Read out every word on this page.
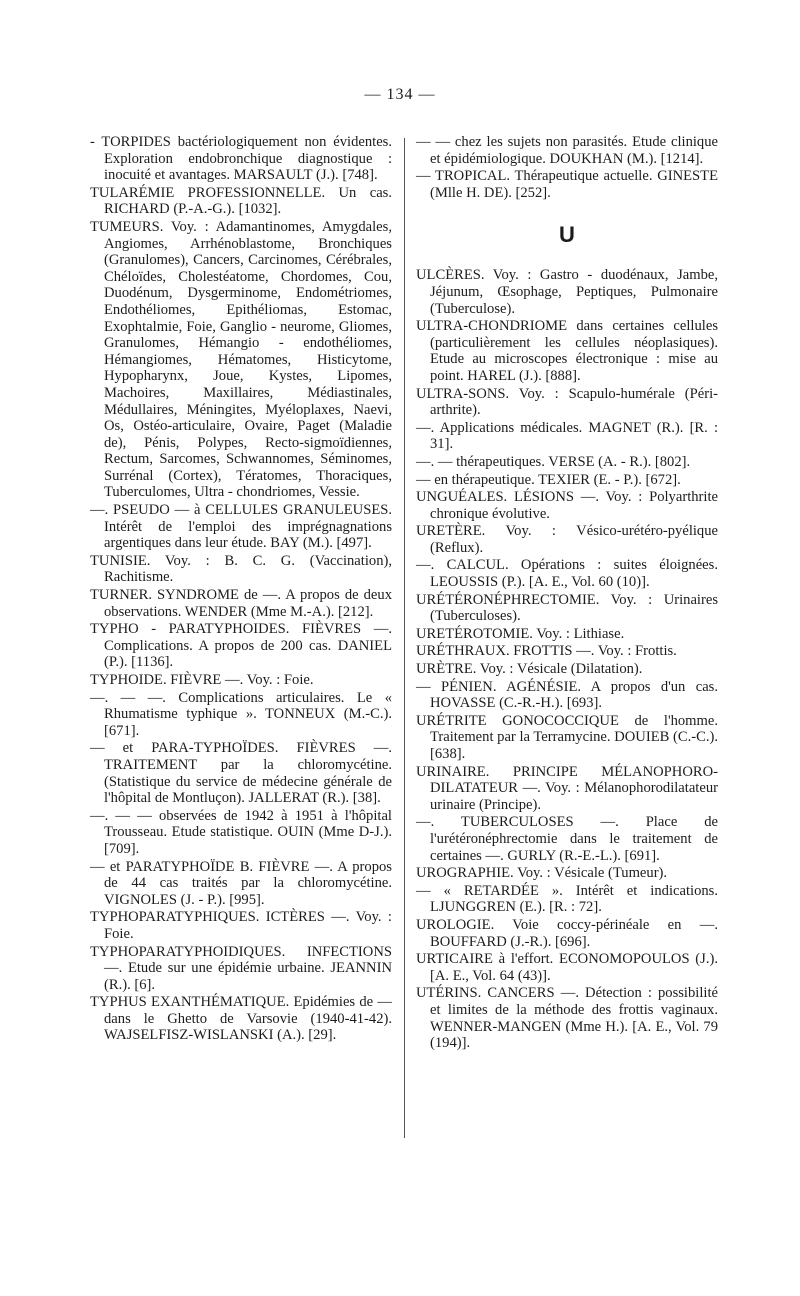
— 134 —

- TORPIDES bactériologiquement non évidentes. Exploration endobronchique diagnostique : inocuité et avantages. MARSAULT (J.). [748].

TULARÉMIE PROFESSIONNELLE. Un cas. RICHARD (P.-A.-G.). [1032].

TUMEURS. Voy. : Adamantinomes, Amygdales, Angiomes, Arrhénoblastome, Bronchiques (Granulomes), Cancers, Carcinomes, Cérébrales, Chéloïdes, Cholestéatome, Chordomes, Cou, Duodénum, Dysgerminome, Endométriomes, Endothéliomes, Epithéliomas, Estomac, Exophtalmie, Foie, Ganglio - neurome, Gliomes, Granulomes, Hémangio - endothéliomes, Hémangiomes, Hématomes, Histicytome, Hypopharynx, Joue, Kystes, Lipomes, Machoires, Maxillaires, Médiastinales, Médullaires, Méningites, Myéloplaxes, Naevi, Os, Ostéo-articulaire, Ovaire, Paget (Maladie de), Pénis, Polypes, Recto-sigmoïdiennes, Rectum, Sarcomes, Schwannomes, Séminomes, Surrénal (Cortex), Tératomes, Thoraciques, Tuberculomes, Ultra - chondriomes, Vessie.

—. PSEUDO — à CELLULES GRANULEUSES. Intérêt de l'emploi des imprégnagnations argentiques dans leur étude. BAY (M.). [497].

TUNISIE. Voy. : B. C. G. (Vaccination), Rachitisme.

TURNER. SYNDROME de —. A propos de deux observations. WENDER (Mme M.-A.). [212].

TYPHO - PARATYPHOIDES. FIÈVRES —. Complications. A propos de 200 cas. DANIEL (P.). [1136].

TYPHOIDE. FIÈVRE —. Voy. : Foie.

—. — —. Complications articulaires. Le « Rhumatisme typhique ». TONNEUX (M.-C.). [671].

— et PARA-TYPHOÏDES. FIÈVRES —. TRAITEMENT par la chloromycétine. (Statistique du service de médecine générale de l'hôpital de Montluçon). JALLERAT (R.). [38].

—. — — observées de 1942 à 1951 à l'hôpital Trousseau. Etude statistique. OUIN (Mme D-J.). [709].

— et PARATYPHOÏDE B. FIÈVRE —. A propos de 44 cas traités par la chloromycétine. VIGNOLES (J. - P.). [995].

TYPHOPARATYPHIQUES. ICTÈRES —. Voy. : Foie.

TYPHOPARATYPHOIDIQUES. INFECTIONS —. Etude sur une épidémie urbaine. JEANNIN (R.). [6].

TYPHUS EXANTHÉMATIQUE. Epidémies de — dans le Ghetto de Varsovie (1940-41-42). WAJSELFISZ-WISLANSKI (A.). [29].

— — chez les sujets non parasités. Etude clinique et épidémiologique. DOUKHAN (M.). [1214].

— TROPICAL. Thérapeutique actuelle. GINESTE (Mlle H. DE). [252].

U

ULCÈRES. Voy. : Gastro - duodénaux, Jambe, Jéjunum, Œsophage, Peptiques, Pulmonaire (Tuberculose).

ULTRA-CHONDRIOME dans certaines cellules (particulièrement les cellules néoplasiques). Etude au microscopes électronique : mise au point. HAREL (J.). [888].

ULTRA-SONS. Voy. : Scapulo-humérale (Péri-arthrite).

—. Applications médicales. MAGNET (R.). [R. : 31].

—. — thérapeutiques. VERSE (A. - R.). [802].

— en thérapeutique. TEXIER (E. - P.). [672].

UNGUÉALES. LÉSIONS —. Voy. : Polyarthrite chronique évolutive.

URETÈRE. Voy. : Vésico-urétéro-pyélique (Reflux).

—. CALCUL. Opérations : suites éloignées. LEOUSSIS (P.). [A. E., Vol. 60 (10)].

URÉTÉRONÉPHRECTOMIE. Voy. : Urinaires (Tuberculoses).

URETÉROTOMIE. Voy. : Lithiase.

URÉTHRAUX. FROTTIS —. Voy. : Frottis.

URÈTRE. Voy. : Vésicale (Dilatation).

— PÉNIEN. AGÉNÉSIE. A propos d'un cas. HOVASSE (C.-R.-H.). [693].

URÉTRITE GONOCOCCIQUE de l'homme. Traitement par la Terramycine. DOUIEB (C.-C.). [638].

URINAIRE. PRINCIPE MÉLANOPHORO-DILATATEUR —. Voy. : Mélanophorodilatateur urinaire (Principe).

—. TUBERCULOSES —. Place de l'urétéronéphrectomie dans le traitement de certaines —. GURLY (R.-E.-L.). [691].

UROGRAPHIE. Voy. : Vésicale (Tumeur).

— « RETARDÉE ». Intérêt et indications. LJUNGGREN (E.). [R. : 72].

UROLOGIE. Voie coccy-périnéale en —. BOUFFARD (J.-R.). [696].

URTICAIRE à l'effort. ECONOMOPOULOS (J.). [A. E., Vol. 64 (43)].

UTÉRINS. CANCERS —. Détection : possibilité et limites de la méthode des frottis vaginaux. WENNER-MANGEN (Mme H.). [A. E., Vol. 79 (194)].
